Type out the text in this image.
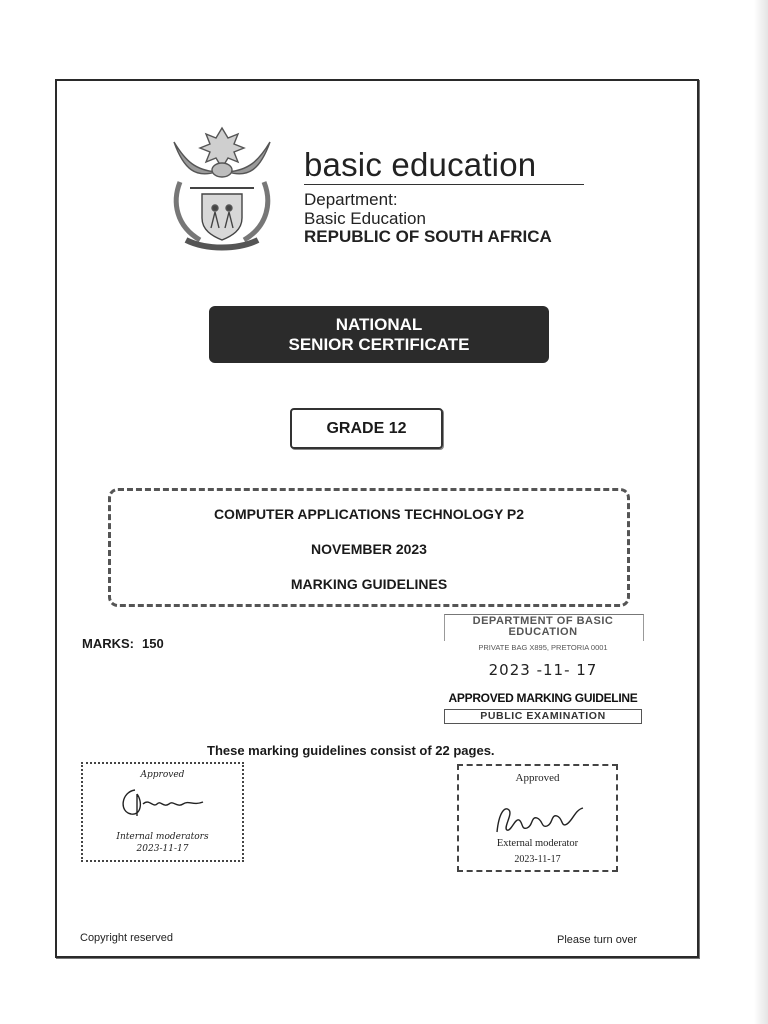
basic education
Department:
Basic Education
REPUBLIC OF SOUTH AFRICA
NATIONAL
SENIOR CERTIFICATE
GRADE 12
COMPUTER APPLICATIONS TECHNOLOGY P2
NOVEMBER 2023
MARKING GUIDELINES
MARKS: 150
DEPARTMENT OF BASIC EDUCATION
PRIVATE BAG X895, PRETORIA 0001
2023 -11- 17
APPROVED MARKING GUIDELINE
PUBLIC EXAMINATION
These marking guidelines consist of 22 pages.
Approved
Internal moderators
2023-11-17
Approved
External moderator
2023-11-17
Copyright reserved	Please turn over
